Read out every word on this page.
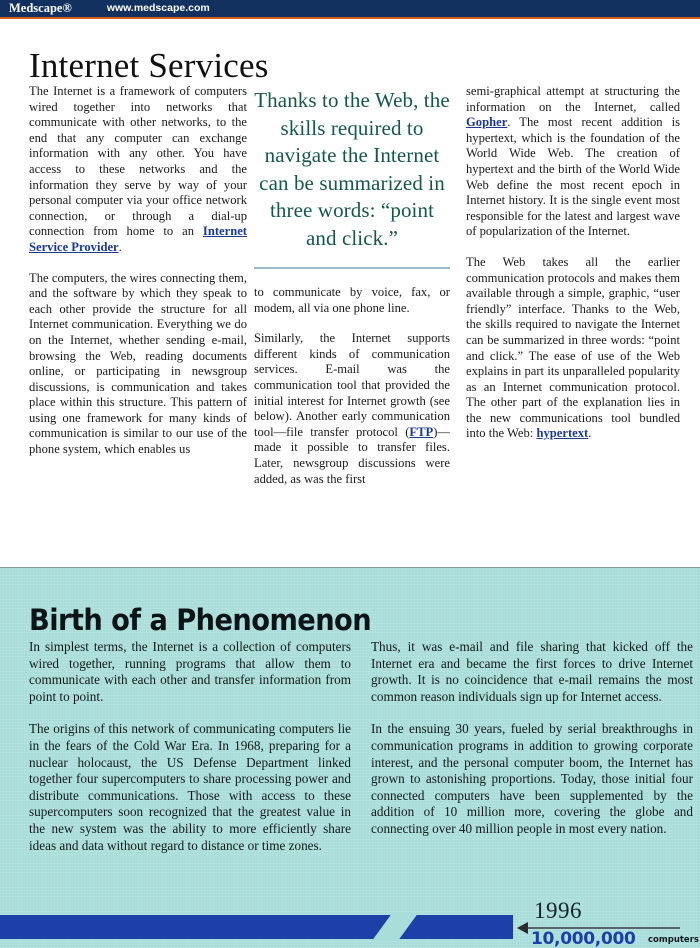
Medscape®	www.medscape.com
Internet Services

The Internet is a framework of computers wired together into networks that communicate with other networks, to the end that any computer can exchange information with any other. You have access to these networks and the information they serve by way of your personal computer via your office network connection, or through a dial-up connection from home to an Internet Service Provider.

The computers, the wires connecting them, and the software by which they speak to each other provide the structure for all Internet communication. Everything we do on the Internet, whether sending e-mail, browsing the Web, reading documents online, or participating in newsgroup discussions, is communication and takes place within this structure. This pattern of using one framework for many kinds of communication is similar to our use of the phone system, which enables us

Thanks to the Web, the skills required to navigate the Internet can be summarized in three words: “point and click.”

to communicate by voice, fax, or modem, all via one phone line.

Similarly, the Internet supports different kinds of communication services. E-mail was the communication tool that provided the initial interest for Internet growth (see below). Another early communication tool—file transfer protocol (FTP)—made it possible to transfer files. Later, newsgroup discussions were added, as was the first

semi-graphical attempt at structuring the information on the Internet, called Gopher. The most recent addition is hypertext, which is the foundation of the World Wide Web. The creation of hypertext and the birth of the World Wide Web define the most recent epoch in Internet history. It is the single event most responsible for the latest and largest wave of popularization of the Internet.

The Web takes all the earlier communication protocols and makes them available through a simple, graphic, “user friendly” interface. Thanks to the Web, the skills required to navigate the Internet can be summarized in three words: “point and click.” The ease of use of the Web explains in part its unparalleled popularity as an Internet communication protocol. The other part of the explanation lies in the new communications tool bundled into the Web: hypertext.

Birth of a Phenomenon

In simplest terms, the Internet is a collection of computers wired together, running programs that allow them to communicate with each other and transfer information from point to point.

The origins of this network of communicating computers lie in the fears of the Cold War Era. In 1968, preparing for a nuclear holocaust, the US Defense Department linked together four supercomputers to share processing power and distribute communications. Those with access to these supercomputers soon recognized that the greatest value in the new system was the ability to more efficiently share ideas and data without regard to distance or time zones.

Thus, it was e-mail and file sharing that kicked off the Internet era and became the first forces to drive Internet growth. It is no coincidence that e-mail remains the most common reason individuals sign up for Internet access.

In the ensuing 30 years, fueled by serial breakthroughs in communication programs in addition to growing corporate interest, and the personal computer boom, the Internet has grown to astonishing proportions. Today, those initial four connected computers have been supplemented by the addition of 10 million more, covering the globe and connecting over 40 million people in most every nation.

1996
10,000,000 computers
